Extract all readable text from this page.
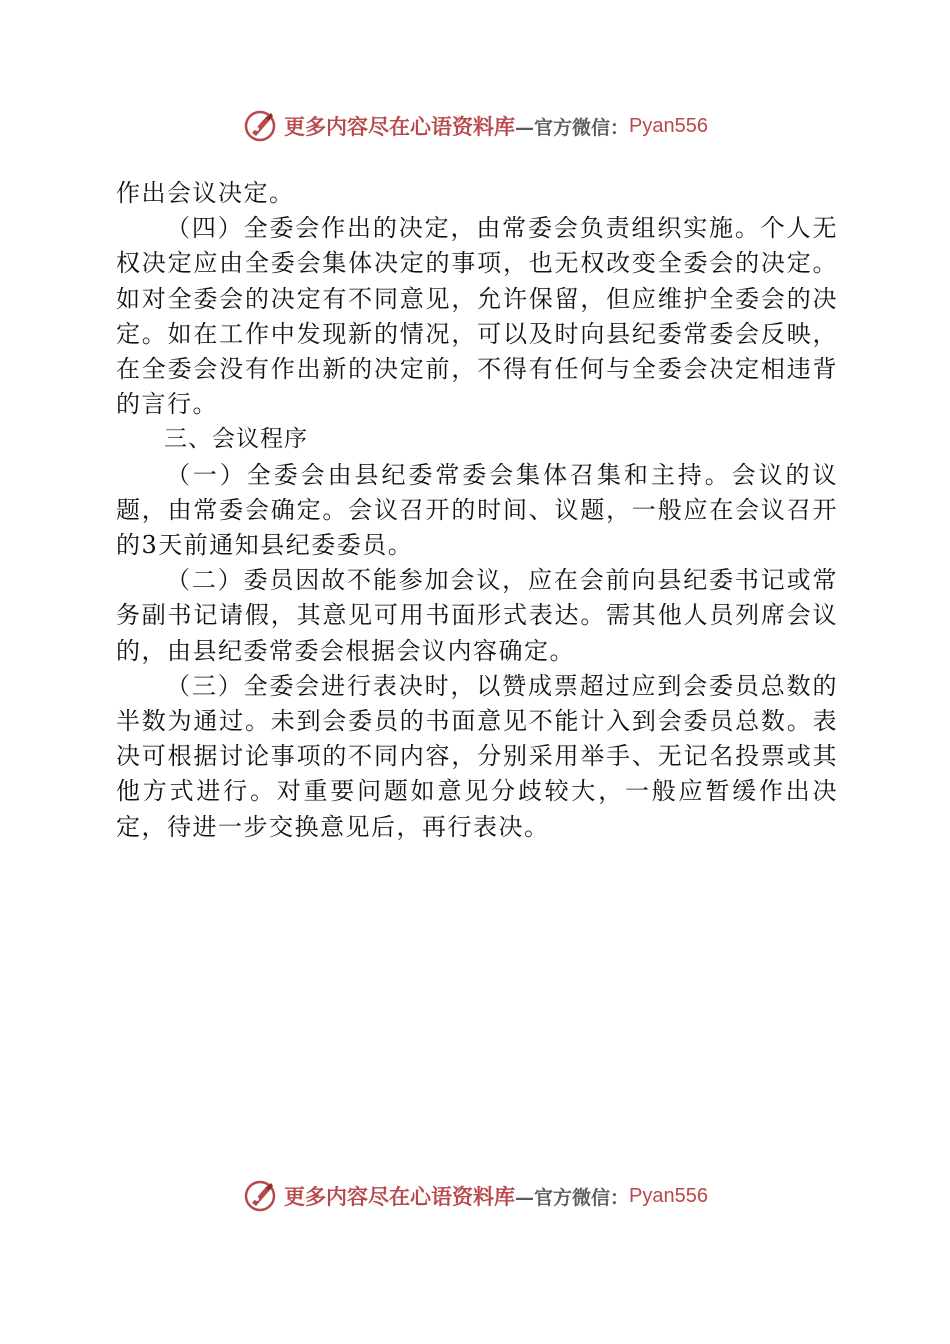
更多内容尽在心语资料库 —官方微信： Pyan556

作出会议决定。

（四）全委会作出的决定，由常委会负责组织实施。个人无权决定应由全委会集体决定的事项，也无权改变全委会的决定。如对全委会的决定有不同意见，允许保留，但应维护全委会的决定。如在工作中发现新的情况，可以及时向县纪委常委会反映，在全委会没有作出新的决定前，不得有任何与全委会决定相违背的言行。

三、会议程序

（一）全委会由县纪委常委会集体召集和主持。会议的议题，由常委会确定。会议召开的时间、议题，一般应在会议召开的3天前通知县纪委委员。

（二）委员因故不能参加会议，应在会前向县纪委书记或常务副书记请假，其意见可用书面形式表达。需其他人员列席会议的，由县纪委常委会根据会议内容确定。

（三）全委会进行表决时，以赞成票超过应到会委员总数的半数为通过。未到会委员的书面意见不能计入到会委员总数。表决可根据讨论事项的不同内容，分别采用举手、无记名投票或其他方式进行。对重要问题如意见分歧较大，一般应暂缓作出决定，待进一步交换意见后，再行表决。

更多内容尽在心语资料库 —官方微信： Pyan556
